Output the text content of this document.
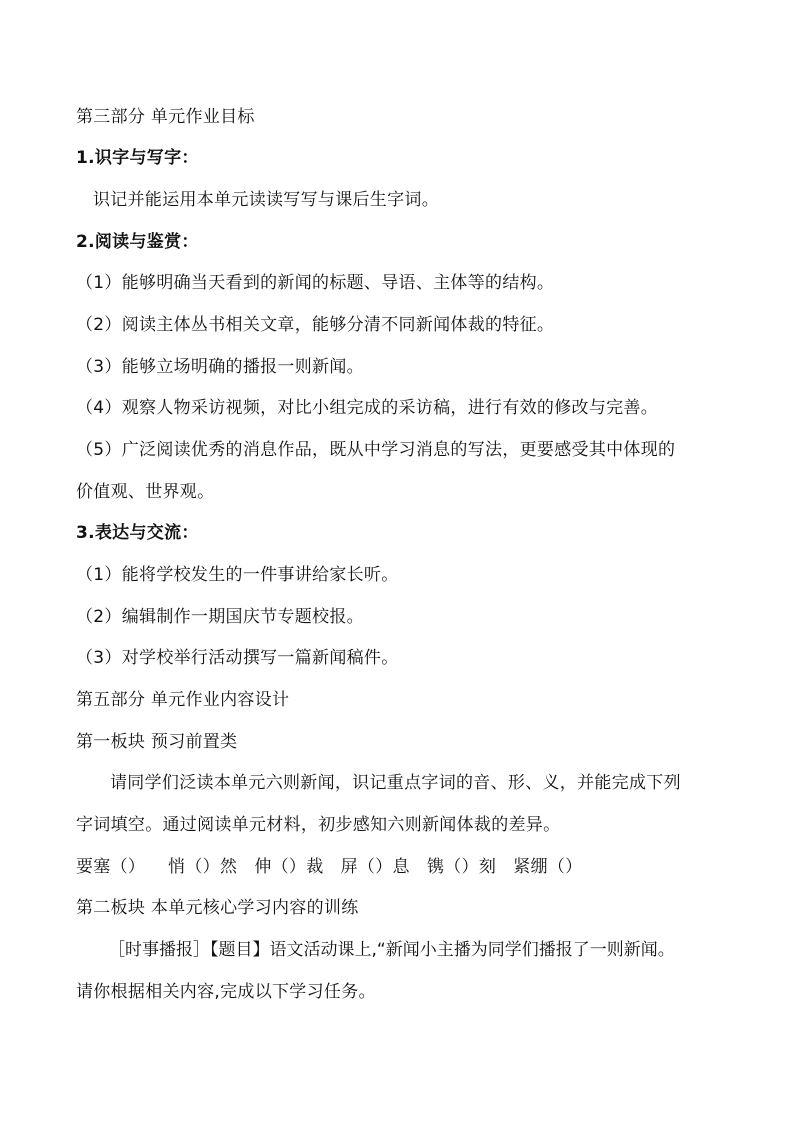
第三部分 单元作业目标
1.识字与写字：
识记并能运用本单元读读写写与课后生字词。
2.阅读与鉴赏：
（1）能够明确当天看到的新闻的标题、导语、主体等的结构。
（2）阅读主体丛书相关文章，能够分清不同新闻体裁的特征。
（3）能够立场明确的播报一则新闻。
（4）观察人物采访视频，对比小组完成的采访稿，进行有效的修改与完善。
（5）广泛阅读优秀的消息作品，既从中学习消息的写法，更要感受其中体现的
价值观、世界观。
3.表达与交流：
（1）能将学校发生的一件事讲给家长听。
（2）编辑制作一期国庆节专题校报。
（3）对学校举行活动撰写一篇新闻稿件。
第五部分 单元作业内容设计
第一板块 预习前置类
请同学们泛读本单元六则新闻，识记重点字词的音、形、义，并能完成下列
字词填空。通过阅读单元材料，初步感知六则新闻体裁的差异。
要塞（）    悄（）然   伸（）裁   屏（）息   镌（）刻   紧绷（）
第二板块 本单元核心学习内容的训练
［时事播报］【题目】语文活动课上,“新闻小主播为同学们播报了一则新闻。
请你根据相关内容,完成以下学习任务。
